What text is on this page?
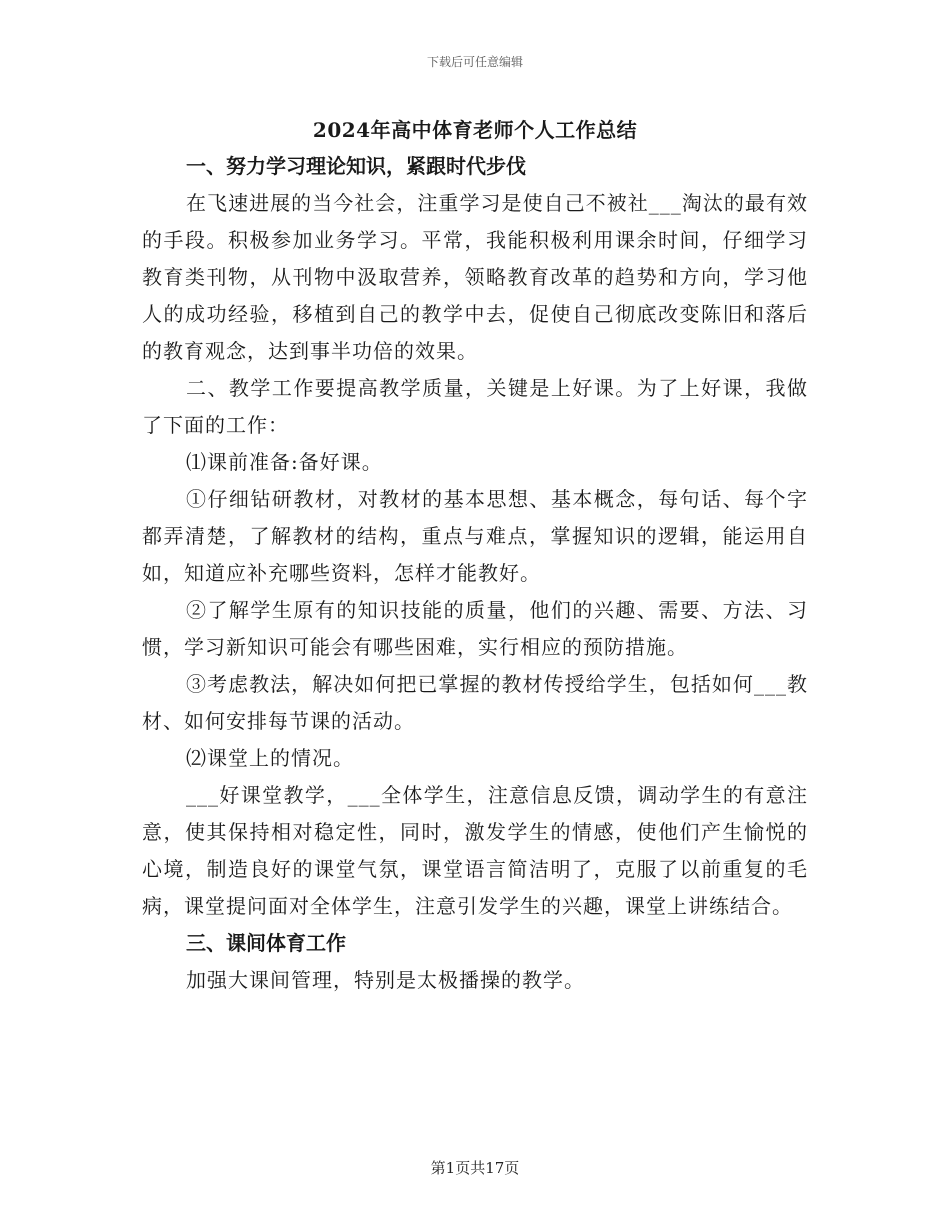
下载后可任意编辑
2024年高中体育老师个人工作总结

一、努力学习理论知识，紧跟时代步伐

在飞速进展的当今社会，注重学习是使自己不被社___淘汰的最有效的手段。积极参加业务学习。平常，我能积极利用课余时间，仔细学习教育类刊物，从刊物中汲取营养，领略教育改革的趋势和方向，学习他人的成功经验，移植到自己的教学中去，促使自己彻底改变陈旧和落后的教育观念，达到事半功倍的效果。

二、教学工作要提高教学质量，关键是上好课。为了上好课，我做了下面的工作：

⑴课前准备:备好课。

①仔细钻研教材，对教材的基本思想、基本概念，每句话、每个字都弄清楚，了解教材的结构，重点与难点，掌握知识的逻辑，能运用自如，知道应补充哪些资料，怎样才能教好。

②了解学生原有的知识技能的质量，他们的兴趣、需要、方法、习惯，学习新知识可能会有哪些困难，实行相应的预防措施。

③考虑教法，解决如何把已掌握的教材传授给学生，包括如何___教材、如何安排每节课的活动。

⑵课堂上的情况。

___好课堂教学，___全体学生，注意信息反馈，调动学生的有意注意，使其保持相对稳定性，同时，激发学生的情感，使他们产生愉悦的心境，制造良好的课堂气氛，课堂语言简洁明了，克服了以前重复的毛病，课堂提问面对全体学生，注意引发学生的兴趣，课堂上讲练结合。

三、课间体育工作

加强大课间管理，特别是太极播操的教学。

第1页共17页
